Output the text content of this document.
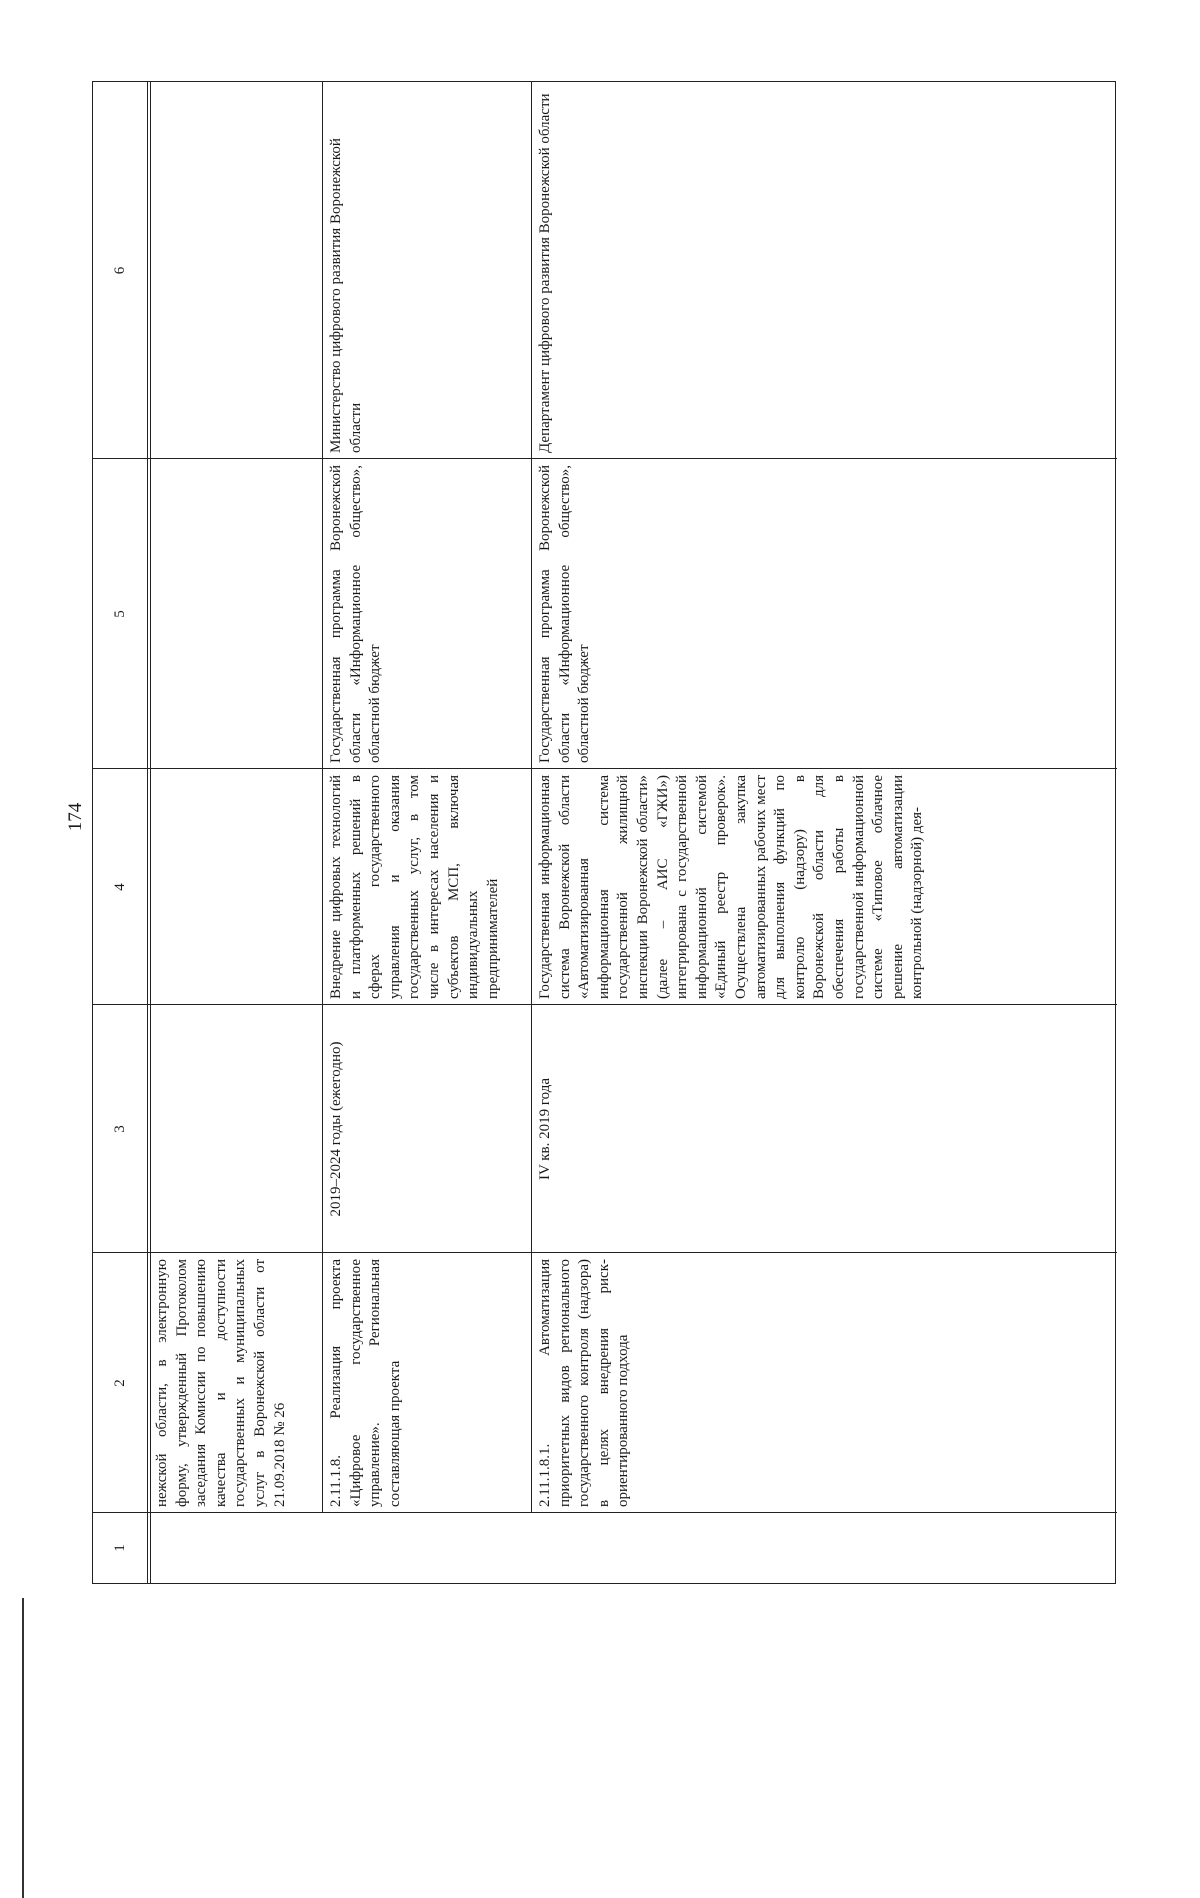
174
1
2
3
4
5
6
нежской области, в электронную форму, утвержденный Протоколом заседания Комиссии по повышению качества и доступности государственных и муниципальных услуг в Воронежской области от 21.09.2018 № 26	2.11.1.8. Реализация проекта «Цифровое государственное управление». Региональная составляющая проекта
2019–2024 годы (ежегодно)
Внедрение цифровых технологий и платформенных решений в сферах государственного управления и оказания государственных услуг, в том числе в интересах населения и субъектов МСП, включая индивидуальных предпринимателей
Государственная программа Воронежской области «Информационное общество», областной бюджет
Министерство цифрового развития Воронежской области
2.11.1.8.1. Автоматизация приоритетных видов регионального государственного контроля (надзора) в целях внедрения риск-ориентированного подхода
IV кв. 2019 года
Государственная информационная система Воронежской области «Автоматизированная информационная система государственной жилищной инспекции Воронежской области» (далее – АИС «ГЖИ») интегрирована с государственной информационной системой «Единый реестр проверок». Осуществлена закупка автоматизированных рабочих мест для выполнения функций по контролю (надзору) в Воронежской области для обеспечения работы в государственной информационной системе «Типовое облачное решение автоматизации контрольной (надзорной) дея-
Государственная программа Воронежской области «Информационное общество», областной бюджет
Департамент цифрового развития Воронежской области
